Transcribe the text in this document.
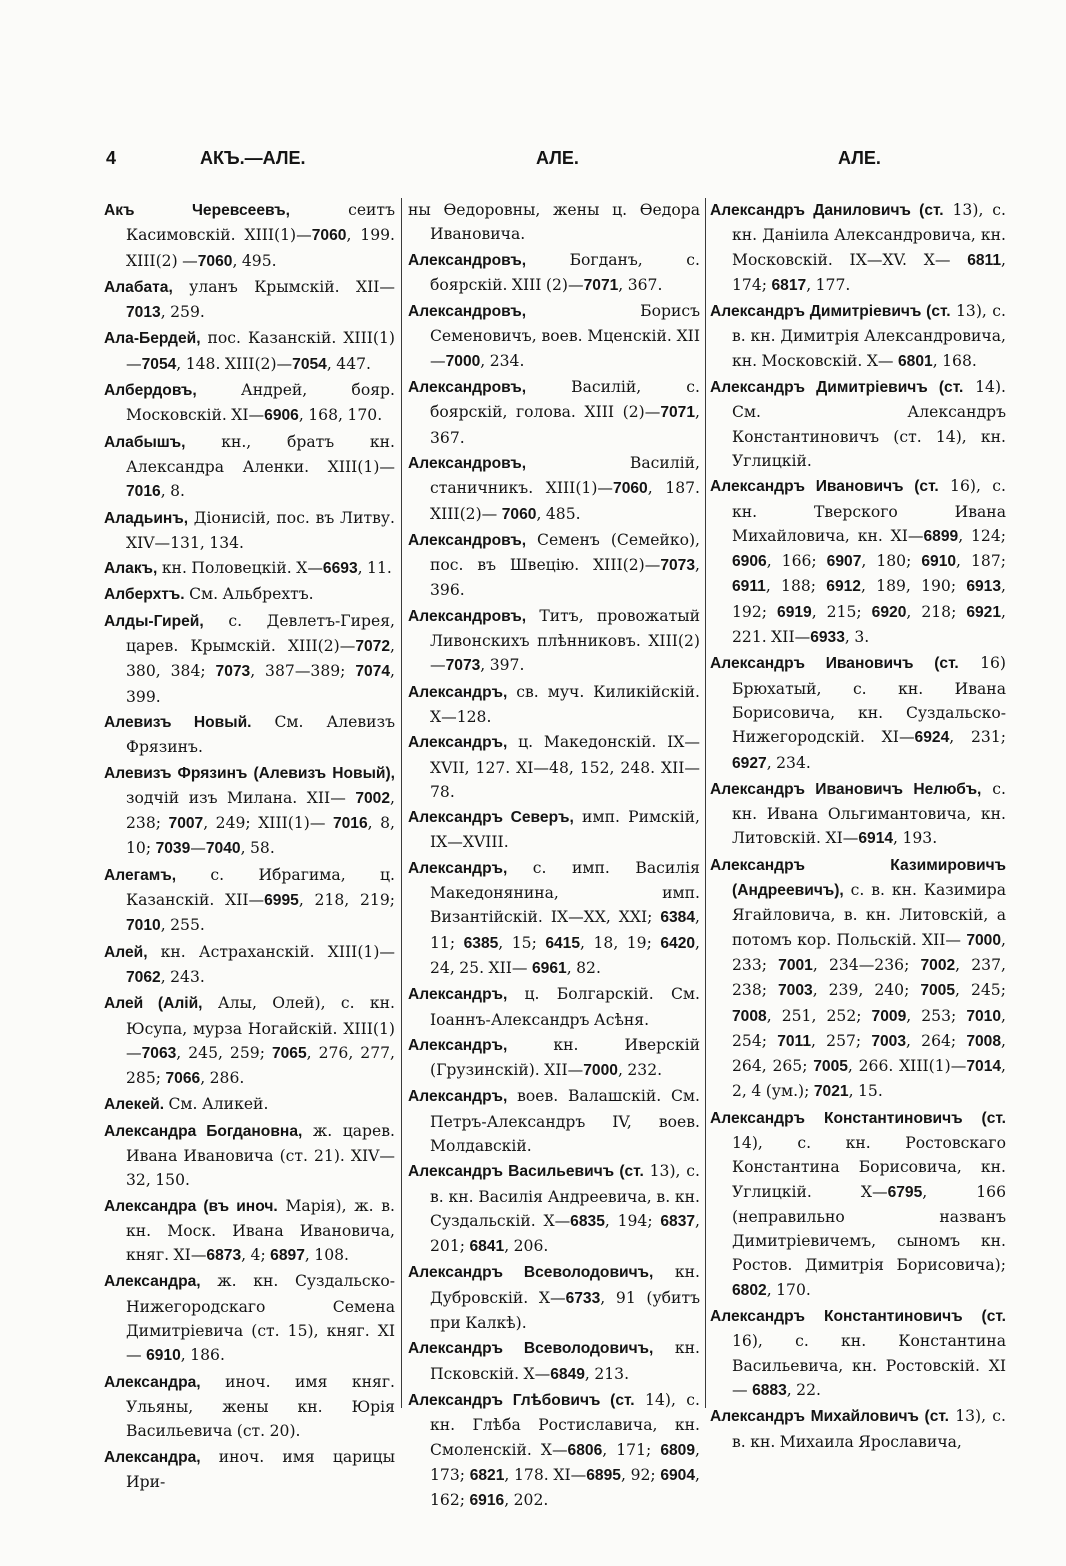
4	АКЪ.—АЛЕ.	АЛЕ.	АЛЕ.

Акъ Черевсеевъ, сеитъ Касимовскій. XIII(1)—7060, 199. XIII(2) —7060, 495.

Алабата, уланъ Крымскій. XII— 7013, 259.

Ала-Бердей, пос. Казанскій. XIII(1) —7054, 148. XIII(2)—7054, 447.

Албердовъ, Андрей, бояр. Московскій. XI—6906, 168, 170.

Алабышъ, кн., братъ кн. Александра Аленки. XIII(1)—7016, 8.

Аладьинъ, Діонисій, пос. въ Литву. XIV—131, 134.

Алакъ, кн. Половецкій. X—6693, 11.

Алберхтъ. См. Альбрехтъ.

Алды-Гирей, с. Девлетъ-Гирея, царев. Крымскій. XIII(2)—7072, 380, 384; 7073, 387—389; 7074, 399.

Алевизъ Новый. См. Алевизъ Фрязинъ.

Алевизъ Фрязинъ (Алевизъ Новый), зодчій изъ Милана. XII— 7002, 238; 7007, 249; XIII(1)— 7016, 8, 10; 7039—7040, 58.

Алегамъ, с. Ибрагима, ц. Казанскій. XII—6995, 218, 219; 7010, 255.

Алей, кн. Астраханскій. XIII(1)— 7062, 243.

Алей (Алій, Алы, Олей), с. кн. Юсупа, мурза Ногайскій. XIII(1)—7063, 245, 259; 7065, 276, 277, 285; 7066, 286.

Алекей. См. Аликей.

Александра Богдановна, ж. царев. Ивана Ивановича (ст. 21). XIV— 32, 150.

Александра (въ иноч. Марія), ж. в. кн. Моск. Ивана Ивановича, княг. XI—6873, 4; 6897, 108.

Александра, ж. кн. Суздальско-Нижегородскаго Семена Димитріевича (ст. 15), княг. XI— 6910, 186.

Александра, иноч. имя княг. Ульяны, жены кн. Юрія Васильевича (ст. 20).

Александра, иноч. имя царицы Ири-

ны Өедоровны, жены ц. Өедора Ивановича.

Александровъ, Богданъ, с. боярскій. XIII (2)—7071, 367.

Александровъ, Борисъ Семеновичъ, воев. Мценскій. XII—7000, 234.

Александровъ, Василій, с. боярскій, голова. XIII (2)—7071, 367.

Александровъ, Василій, станичникъ. XIII(1)—7060, 187. XIII(2)— 7060, 485.

Александровъ, Семенъ (Семейко), пос. въ Швецію. XIII(2)—7073, 396.

Александровъ, Титъ, провожатый Ливонскихъ плѣнниковъ. XIII(2) —7073, 397.

Александръ, св. муч. Киликійскій. X—128.

Александръ, ц. Македонскій. IX— XVII, 127. XI—48, 152, 248. XII—78.

Александръ Северъ, имп. Римскій, IX—XVIII.

Александръ, с. имп. Василія Македонянина, имп. Византійскій. IX—XX, XXI; 6384, 11; 6385, 15; 6415, 18, 19; 6420, 24, 25. XII— 6961, 82.

Александръ, ц. Болгарскій. См. Іоаннъ-Александръ Асѣня.

Александръ, кн. Иверскій (Грузинскій). XII—7000, 232.

Александръ, воев. Валашскій. См. Петръ-Александръ IV, воев. Молдавскій.

Александръ Васильевичъ (ст. 13), с. в. кн. Василія Андреевича, в. кн. Суздальскій. X—6835, 194; 6837, 201; 6841, 206.

Александръ Всеволодовичъ, кн. Дубровскій. X—6733, 91 (убитъ при Калкѣ).

Александръ Всеволодовичъ, кн. Псковскій. X—6849, 213.

Александръ Глѣбовичъ (ст. 14), с. кн. Глѣба Ростиславича, кн. Смоленскій. X—6806, 171; 6809, 173; 6821, 178. XI—6895, 92; 6904, 162; 6916, 202.

Александръ Даниловичъ (ст. 13), с. кн. Даніила Александровича, кн. Московскій. IX—XV. X— 6811, 174; 6817, 177.

Александръ Димитріевичъ (ст. 13), с. в. кн. Димитрія Александровича, кн. Московскій. X— 6801, 168.

Александръ Димитріевичъ (ст. 14). См. Александръ Константиновичъ (ст. 14), кн. Углицкій.

Александръ Ивановичъ (ст. 16), с. кн. Тверского Ивана Михайловича, кн. XI—6899, 124; 6906, 166; 6907, 180; 6910, 187; 6911, 188; 6912, 189, 190; 6913, 192; 6919, 215; 6920, 218; 6921, 221. XII—6933, 3.

Александръ Ивановичъ (ст. 16) Брюхатый, с. кн. Ивана Борисовича, кн. Суздальско-Нижегородскій. XI—6924, 231; 6927, 234.

Александръ Ивановичъ Нелюбъ, с. кн. Ивана Ольгимантовича, кн. Литовскій. XI—6914, 193.

Александръ Казимировичъ (Андреевичъ), с. в. кн. Казимира Ягайловича, в. кн. Литовскій, а потомъ кор. Польскій. XII— 7000, 233; 7001, 234—236; 7002, 237, 238; 7003, 239, 240; 7005, 245; 7008, 251, 252; 7009, 253; 7010, 254; 7011, 257; 7003, 264; 7008, 264, 265; 7005, 266. XIII(1)—7014, 2, 4 (ум.); 7021, 15.

Александръ Константиновичъ (ст. 14), с. кн. Ростовскаго Константина Борисовича, кн. Углицкій. X—6795, 166 (неправильно названъ Димитріевичемъ, сыномъ кн. Ростов. Димитрія Борисовича); 6802, 170.

Александръ Константиновичъ (ст. 16), с. кн. Константина Васильевича, кн. Ростовскій. XI— 6883, 22.

Александръ Михайловичъ (ст. 13), с. в. кн. Михаила Ярославича,
